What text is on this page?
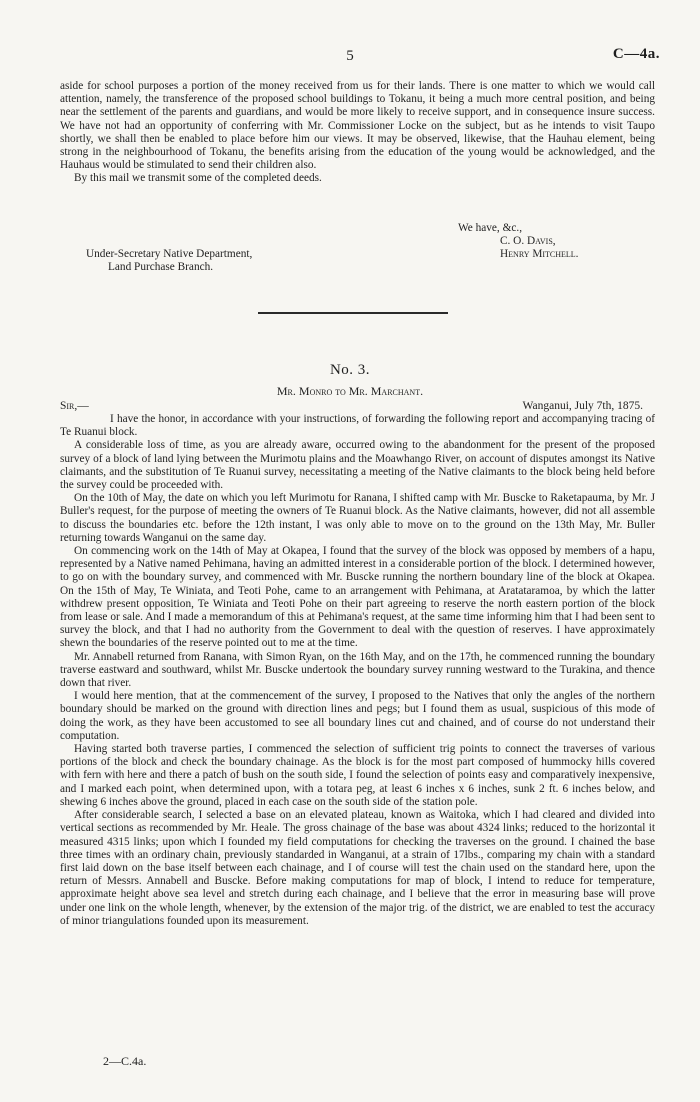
5	C—4a.

aside for school purposes a portion of the money received from us for their lands. There is one matter to which we would call attention, namely, the transference of the proposed school buildings to Tokanu, it being a much more central position, and being near the settlement of the parents and guardians, and would be more likely to receive support, and in consequence insure success. We have not had an opportunity of conferring with Mr. Commissioner Locke on the subject, but as he intends to visit Taupo shortly, we shall then be enabled to place before him our views. It may be observed, likewise, that the Hauhau element, being strong in the neighbourhood of Tokanu, the benefits arising from the education of the young would be acknowledged, and the Hauhaus would be stimulated to send their children also.

By this mail we transmit some of the completed deeds.

We have, &c.,
C. O. Davis,
Henry Mitchell.
Under-Secretary Native Department,
Land Purchase Branch.
No. 3.
Mr. Monro to Mr. Marchant.
Sir,—	Wanganui, July 7th, 1875.

I have the honor, in accordance with your instructions, of forwarding the following report and accompanying tracing of Te Ruanui block.

A considerable loss of time, as you are already aware, occurred owing to the abandonment for the present of the proposed survey of a block of land lying between the Murimotu plains and the Moawhango River, on account of disputes amongst its Native claimants, and the substitution of Te Ruanui survey, necessitating a meeting of the Native claimants to the block being held before the survey could be proceeded with.

On the 10th of May, the date on which you left Murimotu for Ranana, I shifted camp with Mr. Buscke to Raketapauma, by Mr. J Buller's request, for the purpose of meeting the owners of Te Ruanui block. As the Native claimants, however, did not all assemble to discuss the boundaries etc. before the 12th instant, I was only able to move on to the ground on the 13th May, Mr. Buller returning towards Wanganui on the same day.

On commencing work on the 14th of May at Okapea, I found that the survey of the block was opposed by members of a hapu, represented by a Native named Pehimana, having an admitted interest in a considerable portion of the block. I determined however, to go on with the boundary survey, and commenced with Mr. Buscke running the northern boundary line of the block at Okapea. On the 15th of May, Te Winiata, and Teoti Pohe, came to an arrangement with Pehimana, at Aratataramoa, by which the latter withdrew present opposition, Te Winiata and Teoti Pohe on their part agreeing to reserve the north eastern portion of the block from lease or sale. And I made a memorandum of this at Pehimana's request, at the same time informing him that I had been sent to survey the block, and that I had no authority from the Government to deal with the question of reserves. I have approximately shewn the boundaries of the reserve pointed out to me at the time.

Mr. Annabell returned from Ranana, with Simon Ryan, on the 16th May, and on the 17th, he commenced running the boundary traverse eastward and southward, whilst Mr. Buscke undertook the boundary survey running westward to the Turakina, and thence down that river.

I would here mention, that at the commencement of the survey, I proposed to the Natives that only the angles of the northern boundary should be marked on the ground with direction lines and pegs; but I found them as usual, suspicious of this mode of doing the work, as they have been accustomed to see all boundary lines cut and chained, and of course do not understand their computation.

Having started both traverse parties, I commenced the selection of sufficient trig points to connect the traverses of various portions of the block and check the boundary chainage. As the block is for the most part composed of hummocky hills covered with fern with here and there a patch of bush on the south side, I found the selection of points easy and comparatively inexpensive, and I marked each point, when determined upon, with a totara peg, at least 6 inches x 6 inches, sunk 2 ft. 6 inches below, and shewing 6 inches above the ground, placed in each case on the south side of the station pole.

After considerable search, I selected a base on an elevated plateau, known as Waitoka, which I had cleared and divided into vertical sections as recommended by Mr. Heale. The gross chainage of the base was about 4324 links; reduced to the horizontal it measured 4315 links; upon which I founded my field computations for checking the traverses on the ground. I chained the base three times with an ordinary chain, previously standarded in Wanganui, at a strain of 17lbs., comparing my chain with a standard first laid down on the base itself between each chainage, and I of course will test the chain used on the standard here, upon the return of Messrs. Annabell and Buscke. Before making computations for map of block, I intend to reduce for temperature, approximate height above sea level and stretch during each chainage, and I believe that the error in measuring base will prove under one link on the whole length, whenever, by the extension of the major trig. of the district, we are enabled to test the accuracy of minor triangulations founded upon its measurement.

2—C.4a.
